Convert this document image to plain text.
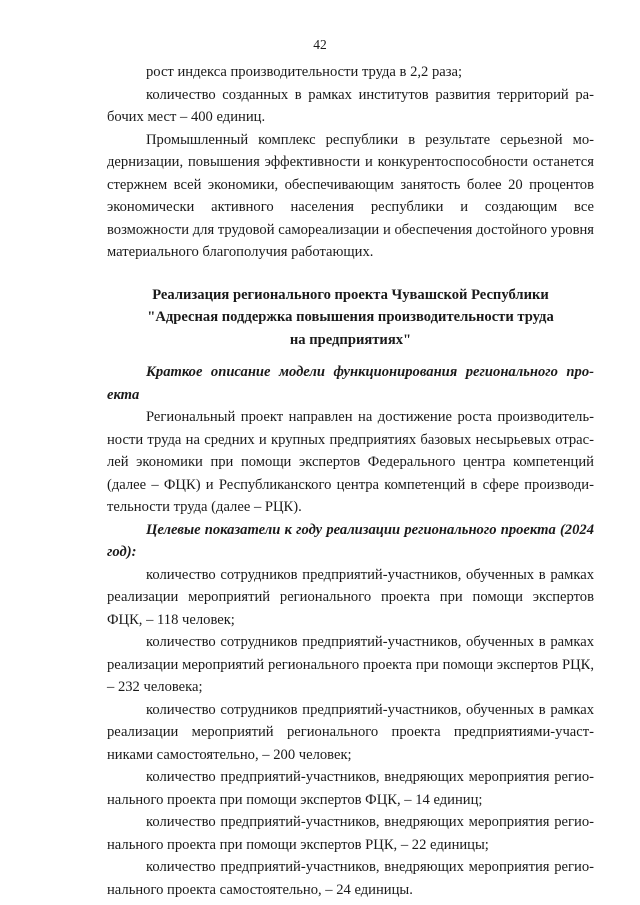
42

рост индекса производительности труда в 2,2 раза;

количество созданных в рамках институтов развития территорий рабочих мест – 400 единиц.

Промышленный комплекс республики в результате серьезной модернизации, повышения эффективности и конкурентоспособности останется стержнем всей экономики, обеспечивающим занятость более 20 процентов экономически активного населения республики и создающим все возможности для трудовой самореализации и обеспечения достойного уровня материального благополучия работающих.

Реализация регионального проекта Чувашской Республики
"Адресная поддержка повышения производительности труда
на предприятиях"

Краткое описание модели функционирования регионального проекта

Региональный проект направлен на достижение роста производительности труда на средних и крупных предприятиях базовых несырьевых отраслей экономики при помощи экспертов Федерального центра компетенций (далее – ФЦК) и Республиканского центра компетенций в сфере производительности труда (далее – РЦК).

Целевые показатели к году реализации регионального проекта (2024 год):

количество сотрудников предприятий-участников, обученных в рамках реализации мероприятий регионального проекта при помощи экспертов ФЦК, – 118 человек;

количество сотрудников предприятий-участников, обученных в рамках реализации мероприятий регионального проекта при помощи экспертов РЦК, – 232 человека;

количество сотрудников предприятий-участников, обученных в рамках реализации мероприятий регионального проекта предприятиями-участниками самостоятельно, – 200 человек;

количество предприятий-участников, внедряющих мероприятия регионального проекта при помощи экспертов ФЦК, – 14 единиц;

количество предприятий-участников, внедряющих мероприятия регионального проекта при помощи экспертов РЦК, – 22 единицы;

количество предприятий-участников, внедряющих мероприятия регионального проекта самостоятельно, – 24 единицы.
